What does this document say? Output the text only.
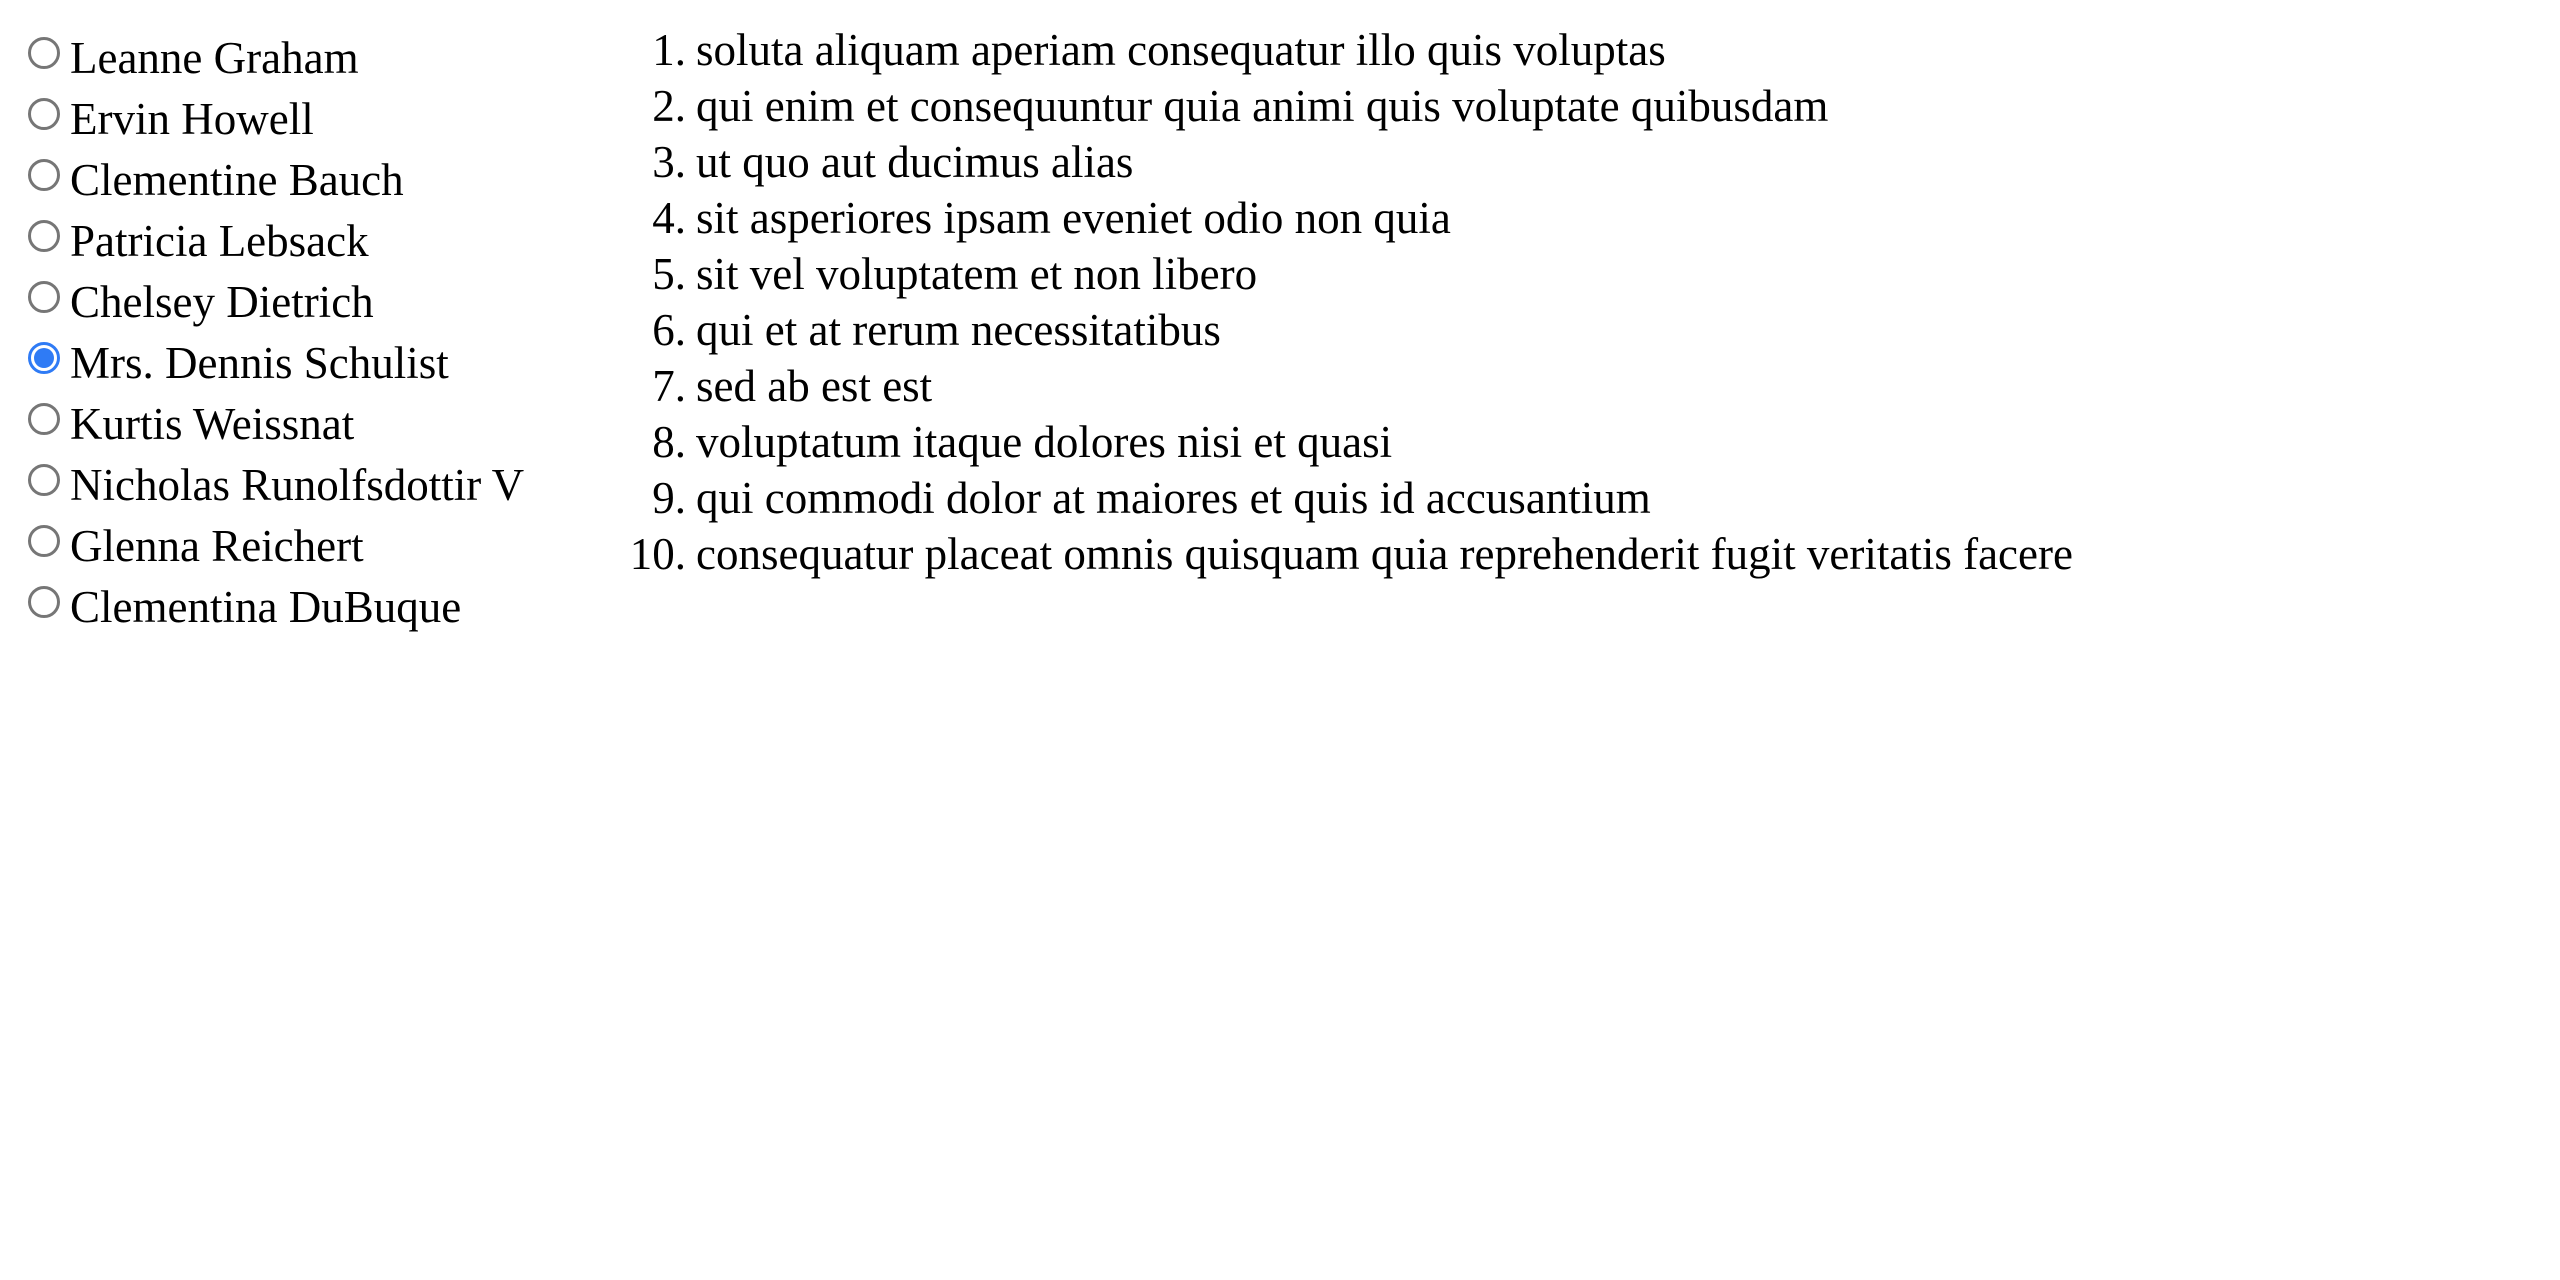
Leanne Graham
Ervin Howell
Clementine Bauch
Patricia Lebsack
Chelsey Dietrich
Mrs. Dennis Schulist
Kurtis Weissnat
Nicholas Runolfsdottir V
Glenna Reichert
Clementina DuBuque
1. soluta aliquam aperiam consequatur illo quis voluptas
2. qui enim et consequuntur quia animi quis voluptate quibusdam
3. ut quo aut ducimus alias
4. sit asperiores ipsam eveniet odio non quia
5. sit vel voluptatem et non libero
6. qui et at rerum necessitatibus
7. sed ab est est
8. voluptatum itaque dolores nisi et quasi
9. qui commodi dolor at maiores et quis id accusantium
10. consequatur placeat omnis quisquam quia reprehenderit fugit veritatis facere
